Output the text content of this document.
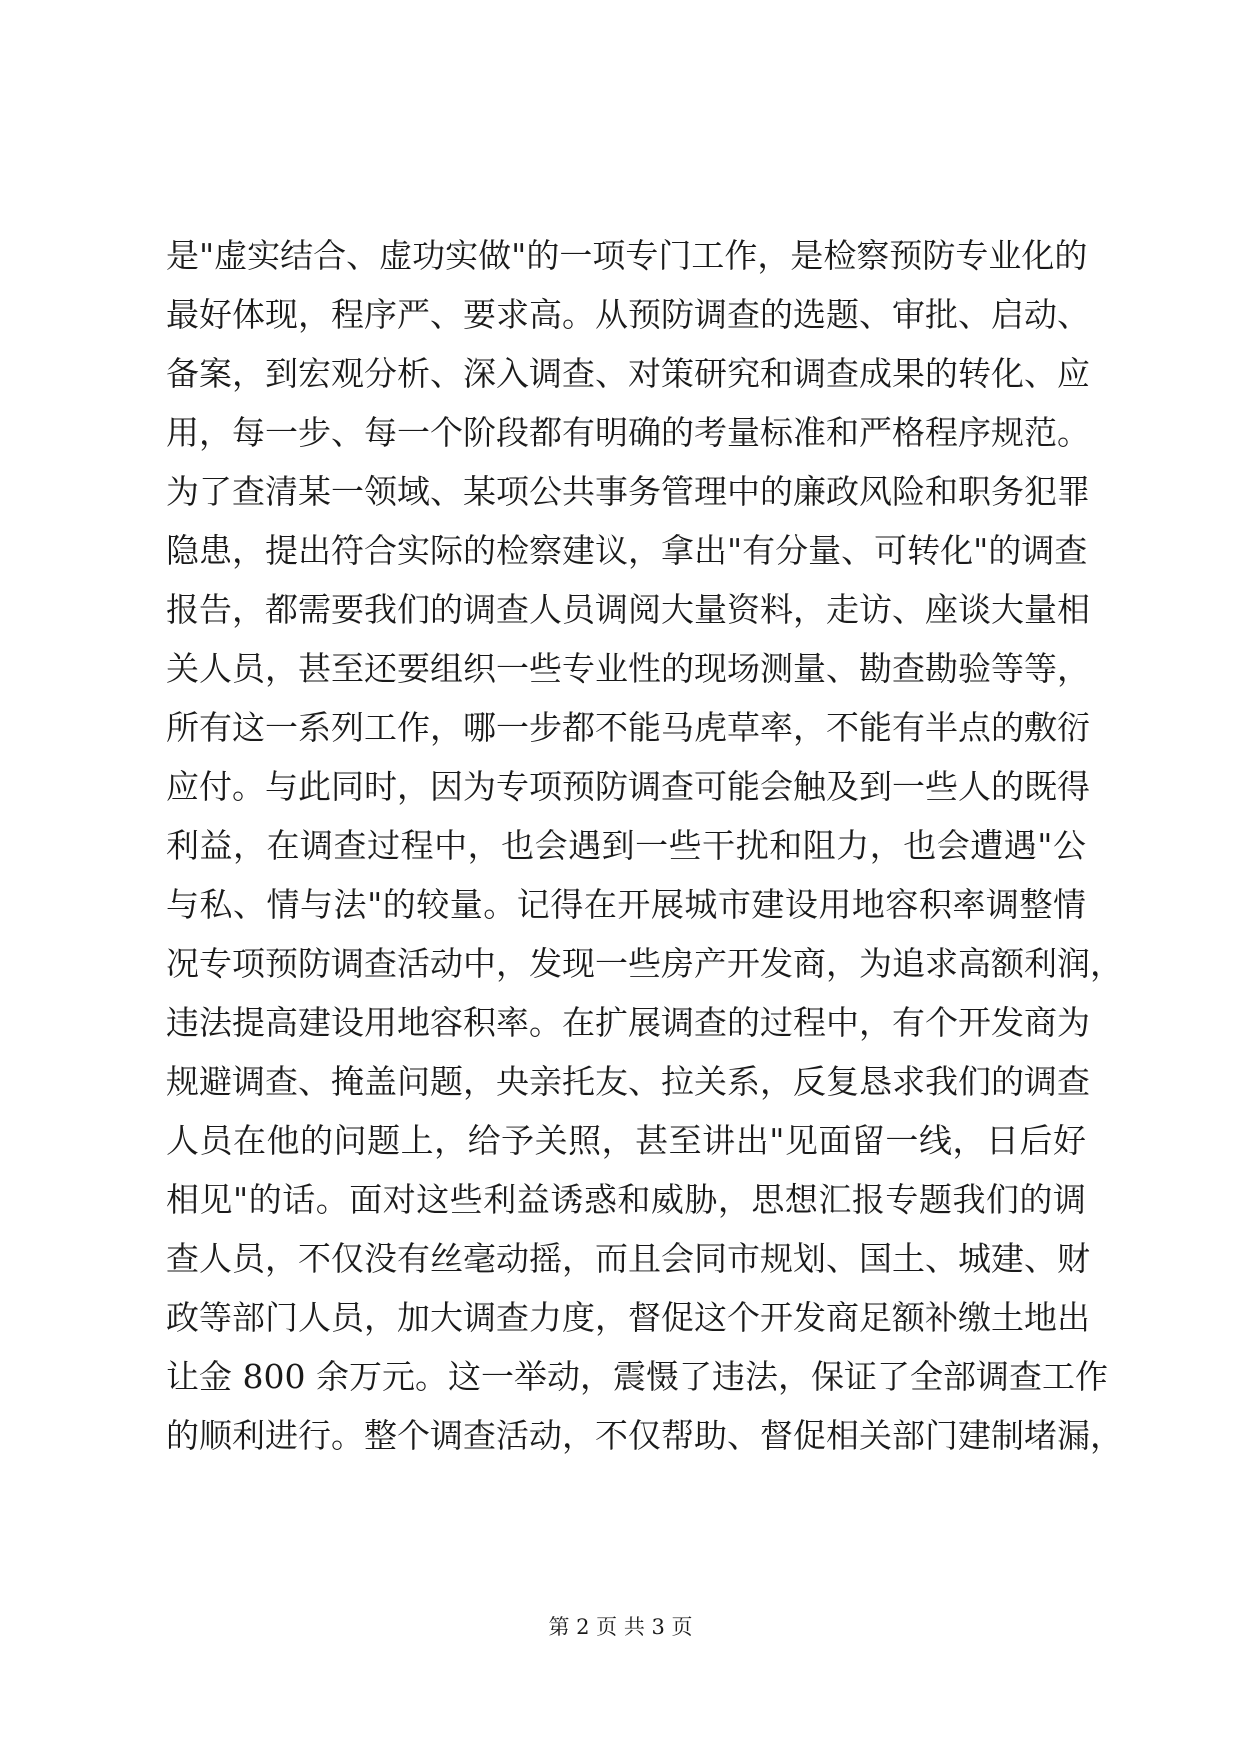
是"虚实结合、虚功实做"的一项专门工作，是检察预防专业化的
最好体现，程序严、要求高。从预防调查的选题、审批、启动、
备案，到宏观分析、深入调查、对策研究和调查成果的转化、应
用，每一步、每一个阶段都有明确的考量标准和严格程序规范。
为了查清某一领域、某项公共事务管理中的廉政风险和职务犯罪
隐患，提出符合实际的检察建议，拿出"有分量、可转化"的调查
报告，都需要我们的调查人员调阅大量资料，走访、座谈大量相
关人员，甚至还要组织一些专业性的现场测量、勘查勘验等等，
所有这一系列工作，哪一步都不能马虎草率，不能有半点的敷衍
应付。与此同时，因为专项预防调查可能会触及到一些人的既得
利益，在调查过程中，也会遇到一些干扰和阻力，也会遭遇"公
与私、情与法"的较量。记得在开展城市建设用地容积率调整情
况专项预防调查活动中，发现一些房产开发商，为追求高额利润，
违法提高建设用地容积率。在扩展调查的过程中，有个开发商为
规避调查、掩盖问题，央亲托友、拉关系，反复恳求我们的调查
人员在他的问题上，给予关照，甚至讲出"见面留一线，日后好
相见"的话。面对这些利益诱惑和威胁，思想汇报专题我们的调
查人员，不仅没有丝毫动摇，而且会同市规划、国土、城建、财
政等部门人员，加大调查力度，督促这个开发商足额补缴土地出
让金 800 余万元。这一举动，震慑了违法，保证了全部调查工作
的顺利进行。整个调查活动，不仅帮助、督促相关部门建制堵漏，
第 2 页 共 3 页
